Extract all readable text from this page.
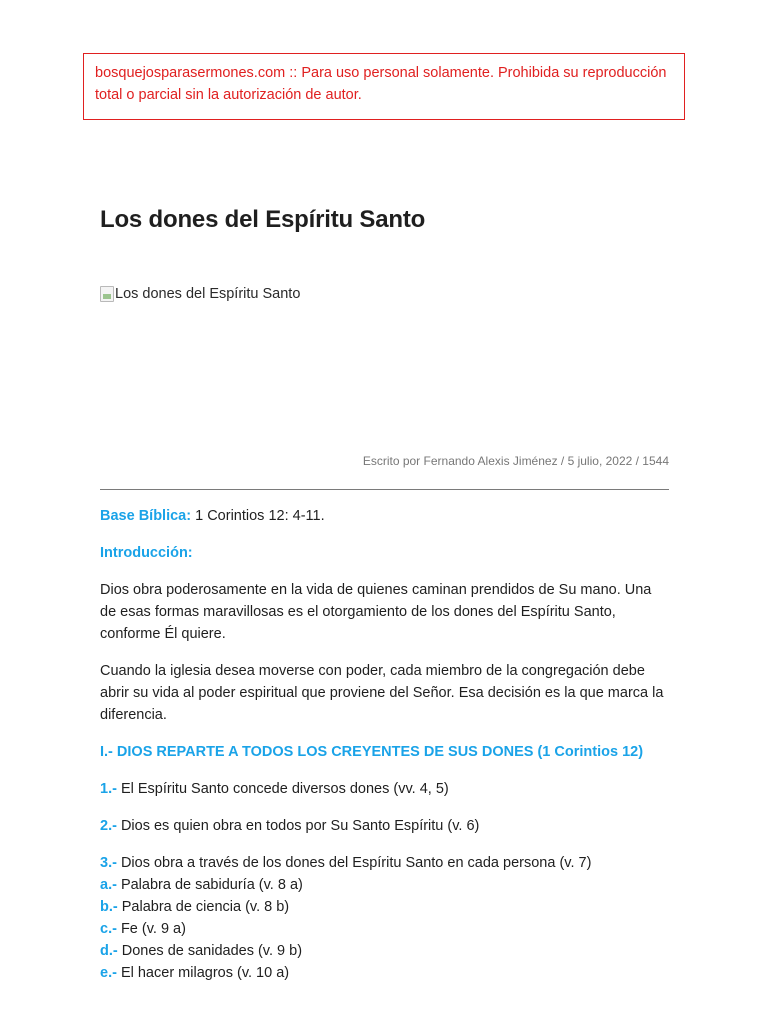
bosquejosparasermones.com :: Para uso personal solamente. Prohibida su reproducción total o parcial sin la autorización de autor.
Los dones del Espíritu Santo
Los dones del Espíritu Santo
Escrito por Fernando Alexis Jiménez / 5 julio, 2022 / 1544

Base Bíblica: 1 Corintios 12: 4-11.

Introducción:

Dios obra poderosamente en la vida de quienes caminan prendidos de Su mano. Una de esas formas maravillosas es el otorgamiento de los dones del Espíritu Santo, conforme Él quiere.

Cuando la iglesia desea moverse con poder, cada miembro de la congregación debe abrir su vida al poder espiritual que proviene del Señor. Esa decisión es la que marca la diferencia.

I.- DIOS REPARTE A TODOS LOS CREYENTES DE SUS DONES (1 Corintios 12)

1.- El Espíritu Santo concede diversos dones (vv. 4, 5)

2.- Dios es quien obra en todos por Su Santo Espíritu (v. 6)

3.- Dios obra a través de los dones del Espíritu Santo en cada persona (v. 7)
a.- Palabra de sabiduría (v. 8 a)
b.- Palabra de ciencia (v. 8 b)
c.- Fe (v. 9 a)
d.- Dones de sanidades (v. 9 b)
e.- El hacer milagros (v. 10 a)
